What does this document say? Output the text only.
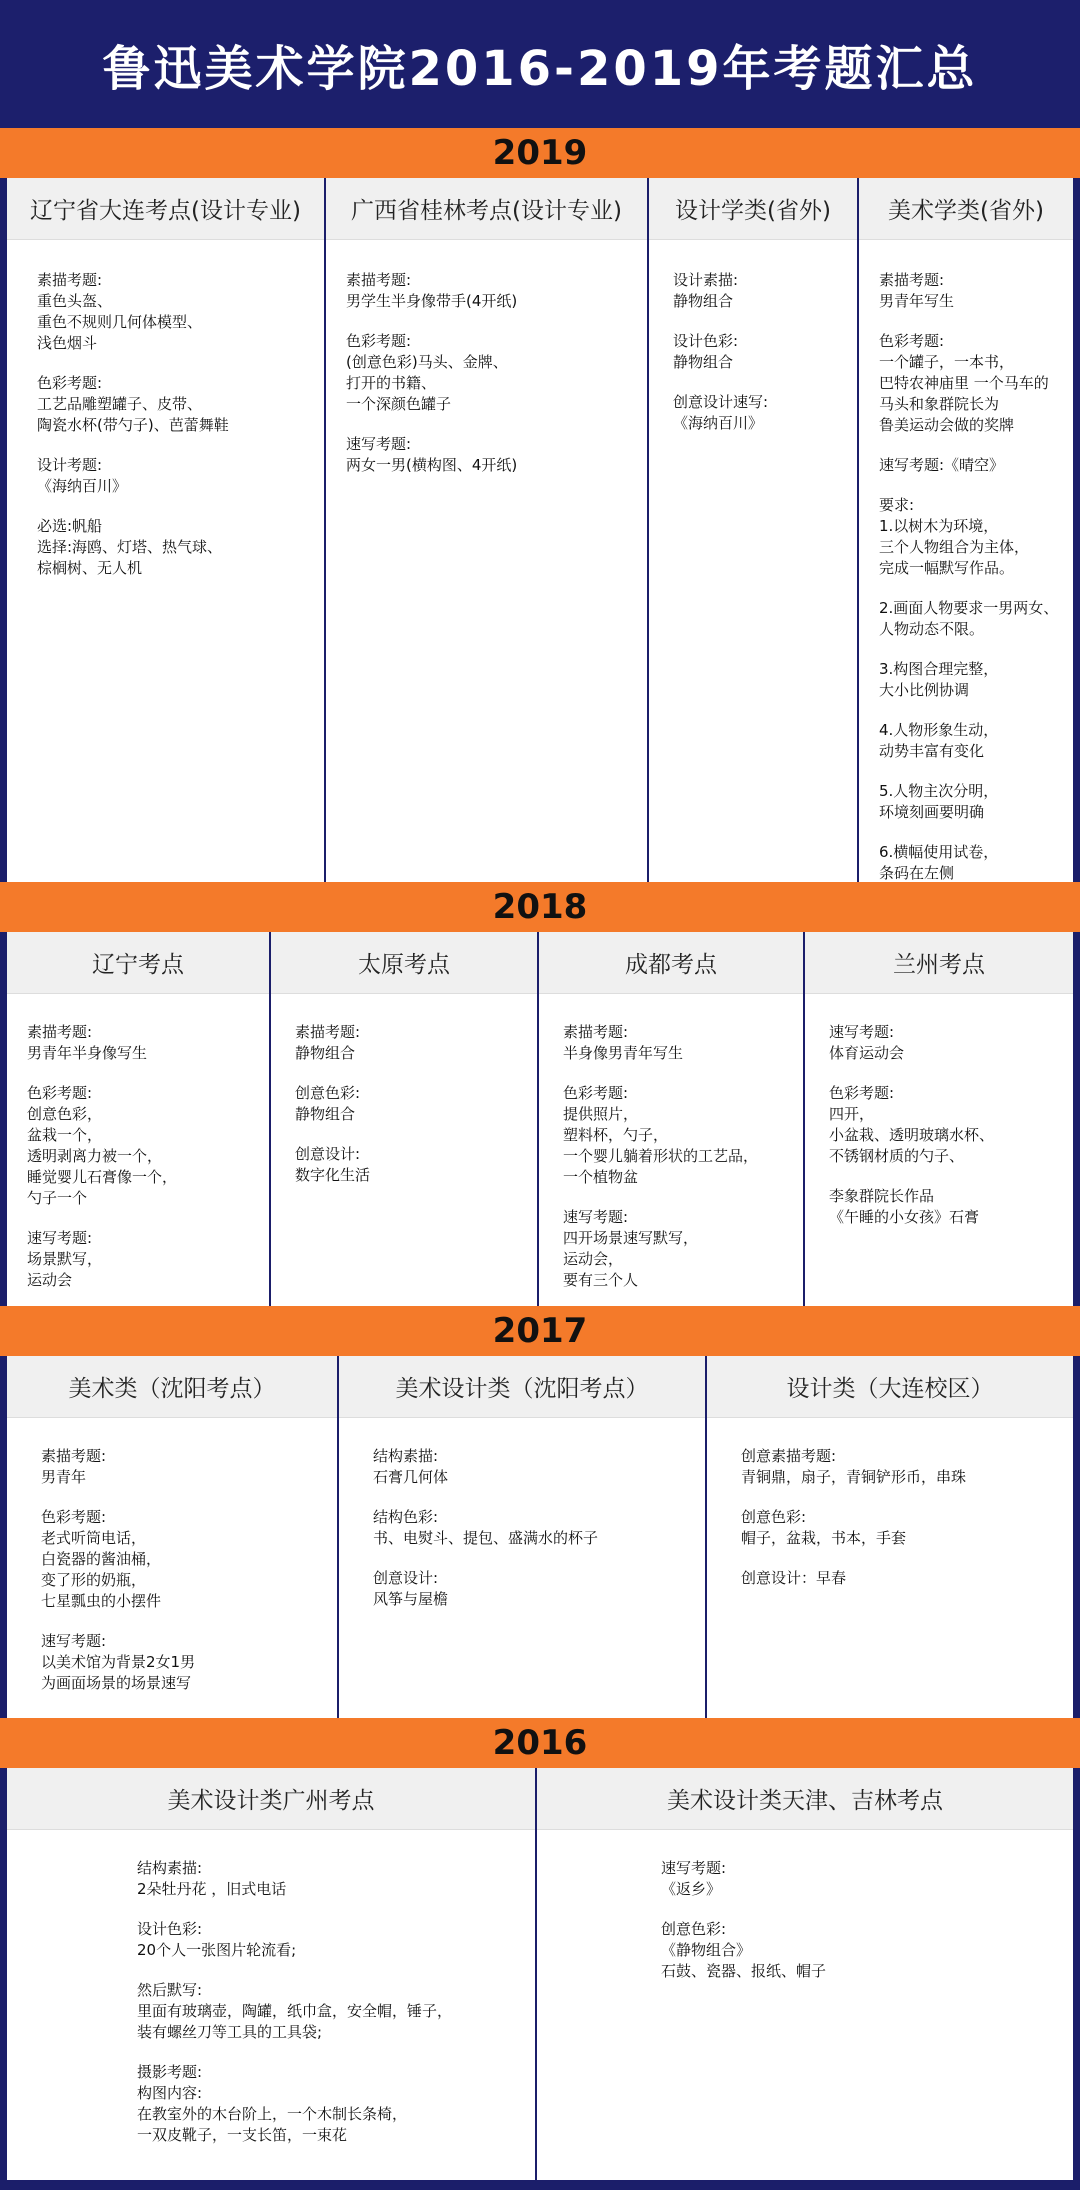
鲁迅美术学院2016-2019年考题汇总
2019
辽宁省大连考点(设计专业)
素描考题:
重色头盔、
重色不规则几何体模型、
浅色烟斗
色彩考题:
工艺品雕塑罐子、皮带、
陶瓷水杯(带勺子)、芭蕾舞鞋
设计考题:
《海纳百川》
必选:帆船
选择:海鸥、灯塔、热气球、
棕榈树、无人机
广西省桂林考点(设计专业)
素描考题:
男学生半身像带手(4开纸)
色彩考题:
(创意色彩)马头、金牌、
打开的书籍、
一个深颜色罐子
速写考题:
两女一男(横构图、4开纸)
设计学类(省外)
设计素描:
静物组合
设计色彩:
静物组合
创意设计速写:
《海纳百川》
美术学类(省外)
素描考题:
男青年写生
色彩考题:
一个罐子，一本书，
巴特农神庙里 一个马车的
马头和象群院长为
鲁美运动会做的奖牌
速写考题:《晴空》
要求:
1.以树木为环境，
三个人物组合为主体，
完成一幅默写作品。
2.画面人物要求一男两女、
人物动态不限。
3.构图合理完整，
大小比例协调
4.人物形象生动，
动势丰富有变化
5.人物主次分明，
环境刻画要明确
6.横幅使用试卷，
条码在左侧
2018
辽宁考点
素描考题:
男青年半身像写生
色彩考题:
创意色彩，
盆栽一个，
透明剥离力被一个，
睡觉婴儿石膏像一个，
勺子一个
速写考题:
场景默写，
运动会
太原考点
素描考题:
静物组合
创意色彩:
静物组合
创意设计:
数字化生活
成都考点
素描考题:
半身像男青年写生
色彩考题:
提供照片，
塑料杯，勺子，
一个婴儿躺着形状的工艺品，
一个植物盆
速写考题:
四开场景速写默写，
运动会，
要有三个人
兰州考点
速写考题:
体育运动会
色彩考题:
四开，
小盆栽、透明玻璃水杯、
不锈钢材质的勺子、
李象群院长作品
《午睡的小女孩》石膏
2017
美术类（沈阳考点）
素描考题:
男青年
色彩考题:
老式听筒电话，
白瓷器的酱油桶，
变了形的奶瓶，
七星瓢虫的小摆件
速写考题:
以美术馆为背景2女1男
为画面场景的场景速写
美术设计类（沈阳考点）
结构素描:
石膏几何体
结构色彩:
书、电熨斗、提包、盛满水的杯子
创意设计:
风筝与屋檐
设计类（大连校区）
创意素描考题:
青铜鼎，扇子，青铜铲形币，串珠
创意色彩:
帽子，盆栽，书本，手套
创意设计：早春
2016
美术设计类广州考点
结构素描:
2朵牡丹花 ，旧式电话
设计色彩:
20个人一张图片轮流看;
然后默写:
里面有玻璃壶，陶罐，纸巾盒，安全帽，锤子，
装有螺丝刀等工具的工具袋;
摄影考题:
构图内容:
在教室外的木台阶上，一个木制长条椅，
一双皮靴子，一支长笛，一束花
美术设计类天津、吉林考点
速写考题:
《返乡》
创意色彩:
《静物组合》
石鼓、瓷器、报纸、帽子
